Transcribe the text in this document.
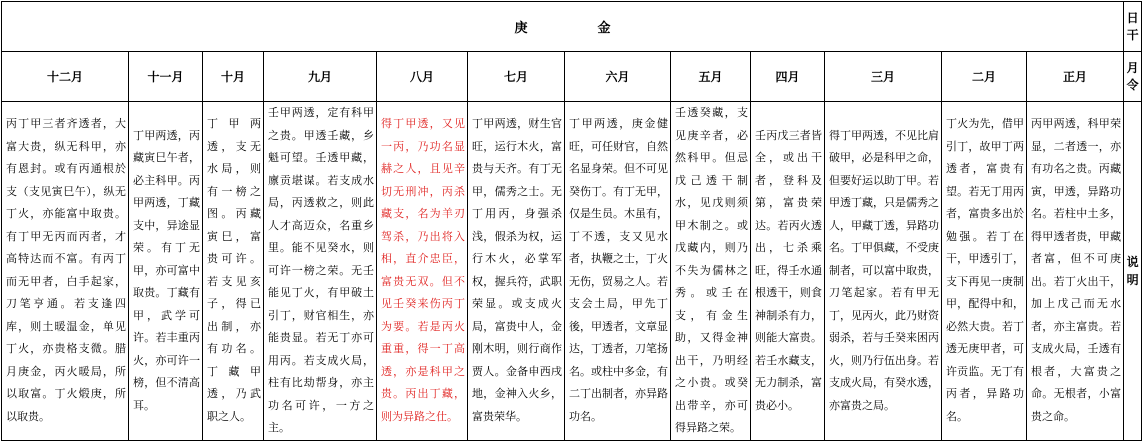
庚 金												日干
十二月	十一月	十月	九月	八月	七月	六月	五月	四月	三月	二月	正月	月令
丙丁甲三者齐透者，大富大贵，纵无科甲，亦有恩封。或有丙通根於支（支见寅巳午），纵无丁火，亦能富中取贵。有丁甲无丙而丙者，才高特达而不富。有丙丁而无甲者，白手起家，刀笔亨通。若支逢四库，则土暖温金，单见丁火，亦贵格支微。腊月庚金，丙火暖局，所以取富。丁火煅庚，所以取贵。	丁甲两透，丙藏寅巳午者，必主科甲。丙甲两透，丁藏支中，异途显荣。有丁无甲，亦可富中取贵。丁藏有甲，武学可许。若丰重丙火，亦可许一榜，但不清高耳。	丁甲两透，支无水局，则有一榜之图。丙藏寅巳，富贵可许。若支见亥子，得已出制，亦有功名。丁藏甲透，乃武职之人。	壬甲两透，定有科甲之贵。甲透壬藏，乡魁可望。壬透甲藏，廪贡堪谋。若支成水局，丙透救之，则此人才高迈众，名重乡里。能不见癸水，则可许一榜之荣。无壬能见丁火，有甲破土引丁，财官相生，亦能贵显。若无丁亦可用丙。若支成火局，柱有比劫帮身，亦主功名可许，一方之主。	得丁甲透，又见一丙，乃功名显赫之人，且见辛切无刑冲，丙杀藏支，名为羊刃驾杀，乃出将入相，直介忠臣，富贵无双。但不见壬癸来伤丙丁为要。若是丙火重重，得一丁高透，亦是科甲之贵。丙出丁藏，则为异路之仕。	丁甲两透，财生官旺，运行木火，富贵与天齐。有丁无甲，儒秀之士。无丁用丙，身强杀浅，假杀为权，运行木火，必掌军权，握兵符，武职荣显。或支成火局，富贵中人，金刚木明，则行商作贾人。金备申西戌地，金神入火乡，富贵荣华。	丁甲两透，庚金健旺，可任财官，自然名显身荣。但不可见癸伤丁。有丁无甲，仅是生员。木虽有，丁不透，支又见水者，执鞭之士，丁火无伤，贸易之人。若支会土局，甲先丁後，甲透者，文章显达，丁透者，刀笔扬名。或柱中多金，有二丁出制者，亦异路功名。	壬透癸藏，支见庚辛者，必然科甲。但忌戊己透干制水，见戊则须甲木制之。或戊藏内，则乃不失为儒林之秀。或壬在支，有金生助，又得金神出干，乃明经之小贵。或癸出带辛，亦可得异路之荣。	壬丙戊三者皆全，或出干者，登科及第，富贵荣达。若丙火透出，七杀乘旺，得壬水通根透干，则食神制杀有力，则能大富贵。若壬水藏支，无力制杀，富贵必小。	得丁甲两透，不见比肩破甲，必是科甲之命，但要好运以助丁甲。若甲透丁藏，只是儒秀之人，甲藏丁透，异路功名。丁甲俱藏，不受庚制者，可以富中取贵，刀笔起家。若有甲无丁，见丙火，此乃财资弱杀，若与壬癸来困丙火，则乃行伍出身。若支成火局，有癸水透，亦富贵之局。	丁火为先，借甲引丁，故甲丁两透者，富贵有望。若无丁用丙者，富贵多出於勉强。若丁在干，甲透引丁，支下再见一庚制甲，配得中和，必然大贵。若丁透无庚甲者，可许贡监。无丁有丙者，异路功名。	丙甲两透，科甲荣显，二者透一，亦有功名之贵。丙藏寅，甲透，异路功名。若柱中土多，得甲透者贵，甲藏者富，但不可庚出。若丁火出干，加上戊己而无水者，亦主富贵。若支成火局，壬透有根者，大富贵之命。无根者，小富贵之命。	说明
